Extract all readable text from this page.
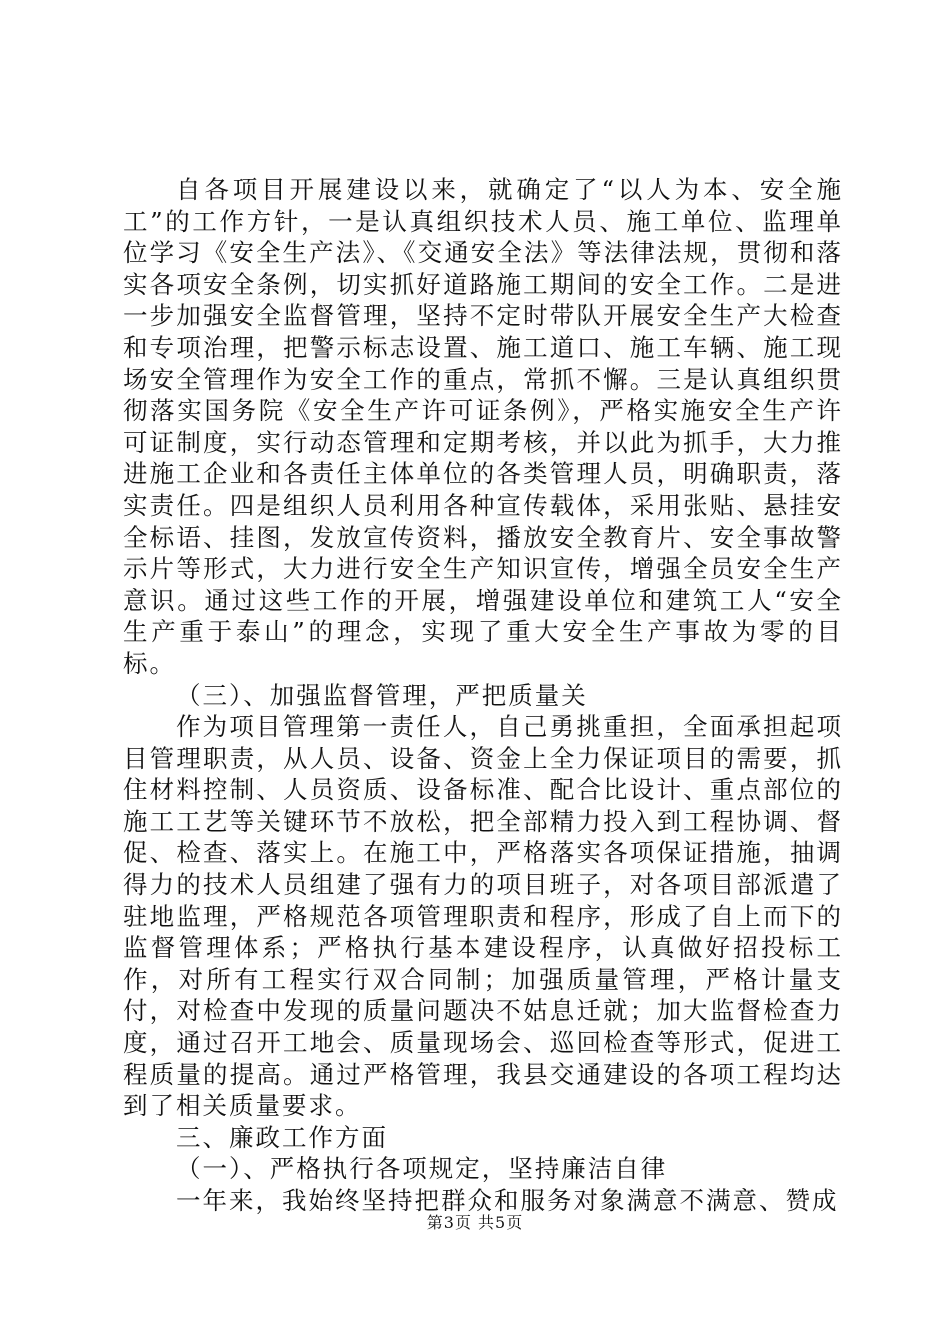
自各项目开展建设以来，就确定了“以人为本、安全施工”的工作方针，一是认真组织技术人员、施工单位、监理单位学习《安全生产法》、《交通安全法》等法律法规，贯彻和落实各项安全条例，切实抓好道路施工期间的安全工作。二是进一步加强安全监督管理，坚持不定时带队开展安全生产大检查和专项治理，把警示标志设置、施工道口、施工车辆、施工现场安全管理作为安全工作的重点，常抓不懈。三是认真组织贯彻落实国务院《安全生产许可证条例》，严格实施安全生产许可证制度，实行动态管理和定期考核，并以此为抓手，大力推进施工企业和各责任主体单位的各类管理人员，明确职责，落实责任。四是组织人员利用各种宣传载体，采用张贴、悬挂安全标语、挂图，发放宣传资料，播放安全教育片、安全事故警示片等形式，大力进行安全生产知识宣传，增强全员安全生产意识。通过这些工作的开展，增强建设单位和建筑工人“安全生产重于泰山”的理念，实现了重大安全生产事故为零的目标。

（三）、加强监督管理，严把质量关

作为项目管理第一责任人，自己勇挑重担，全面承担起项目管理职责，从人员、设备、资金上全力保证项目的需要，抓住材料控制、人员资质、设备标准、配合比设计、重点部位的施工工艺等关键环节不放松，把全部精力投入到工程协调、督促、检查、落实上。在施工中，严格落实各项保证措施，抽调得力的技术人员组建了强有力的项目班子，对各项目部派遣了驻地监理，严格规范各项管理职责和程序，形成了自上而下的监督管理体系；严格执行基本建设程序，认真做好招投标工作，对所有工程实行双合同制；加强质量管理，严格计量支付，对检查中发现的质量问题决不姑息迁就；加大监督检查力度，通过召开工地会、质量现场会、巡回检查等形式，促进工程质量的提高。通过严格管理，我县交通建设的各项工程均达到了相关质量要求。

三、廉政工作方面

（一）、严格执行各项规定，坚持廉洁自律

一年来，我始终坚持把群众和服务对象满意不满意、赞成

第3页 共5页
